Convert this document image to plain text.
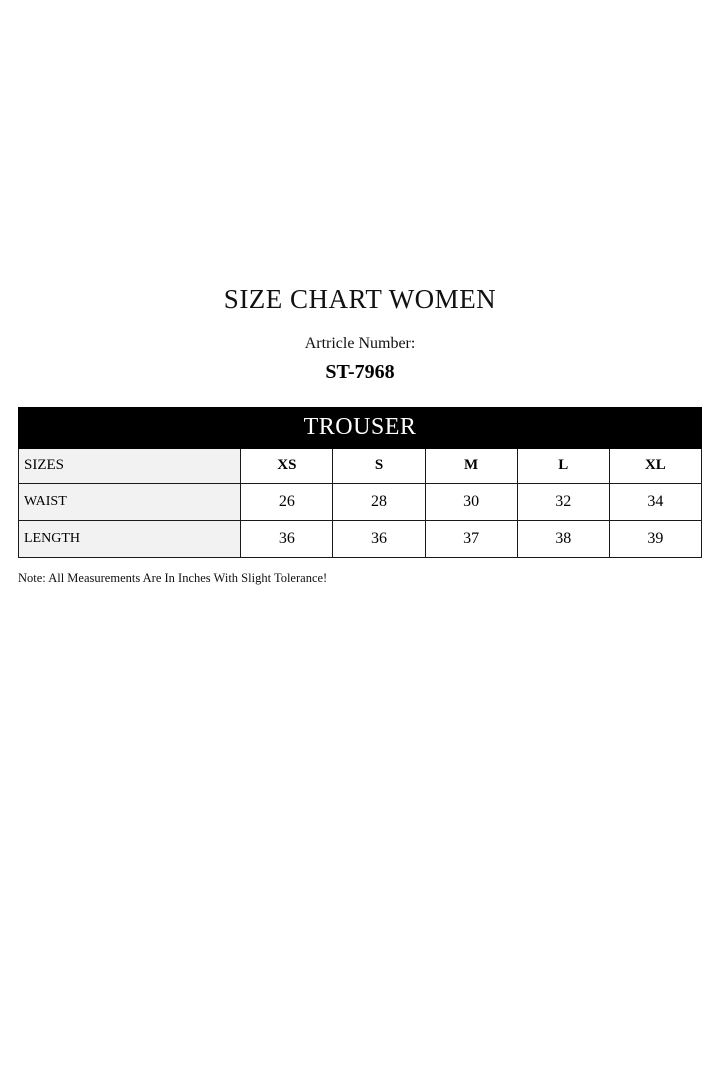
SIZE CHART WOMEN
Artricle Number:
ST-7968
TROUSER					
SIZES	XS	S	M	L	XL
WAIST	26	28	30	32	34
LENGTH	36	36	37	38	39
Note: All Measurements Are In Inches With Slight Tolerance!
